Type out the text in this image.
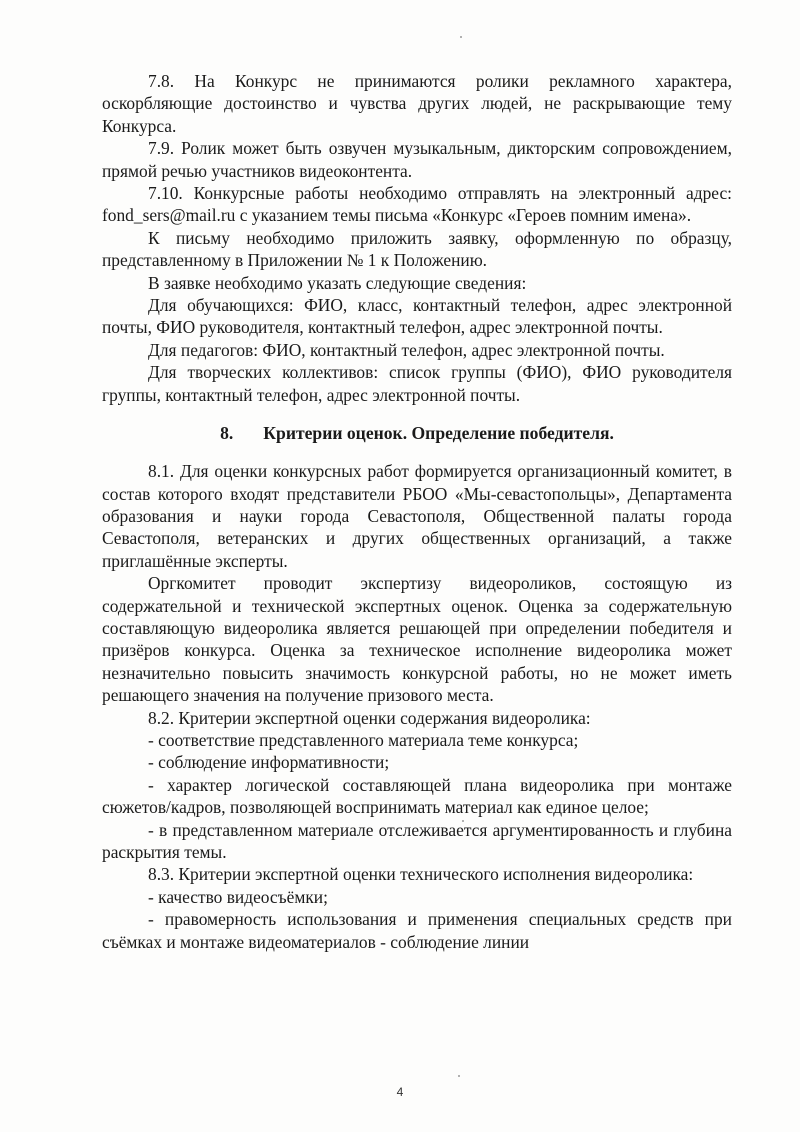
7.8. На Конкурс не принимаются ролики рекламного характера, оскорбляющие достоинство и чувства других людей, не раскрывающие тему Конкурса.

7.9. Ролик может быть озвучен музыкальным, дикторским сопровождением, прямой речью участников видеоконтента.

7.10. Конкурсные работы необходимо отправлять на электронный адрес: fond_sers@mail.ru с указанием темы письма «Конкурс «Героев помним имена».

К письму необходимо приложить заявку, оформленную по образцу, представленному в Приложении № 1 к Положению.

В заявке необходимо указать следующие сведения:

Для обучающихся: ФИО, класс, контактный телефон, адрес электронной почты, ФИО руководителя, контактный телефон, адрес электронной почты.

Для педагогов: ФИО, контактный телефон, адрес электронной почты.

Для творческих коллективов: список группы (ФИО), ФИО руководителя группы, контактный телефон, адрес электронной почты.

8. Критерии оценок. Определение победителя.

8.1. Для оценки конкурсных работ формируется организационный комитет, в состав которого входят представители РБОО «Мы-севастопольцы», Департамента образования и науки города Севастополя, Общественной палаты города Севастополя, ветеранских и других общественных организаций, а также приглашённые эксперты.

Оргкомитет проводит экспертизу видеороликов, состоящую из содержательной и технической экспертных оценок. Оценка за содержательную составляющую видеоролика является решающей при определении победителя и призёров конкурса. Оценка за техническое исполнение видеоролика может незначительно повысить значимость конкурсной работы, но не может иметь решающего значения на получение призового места.

8.2. Критерии экспертной оценки содержания видеоролика:

- соответствие представленного материала теме конкурса;

- соблюдение информативности;

- характер логической составляющей плана видеоролика при монтаже сюжетов/кадров, позволяющей воспринимать материал как единое целое;

- в представленном материале отслеживается аргументированность и глубина раскрытия темы.

8.3. Критерии экспертной оценки технического исполнения видеоролика:

- качество видеосъёмки;

- правомерность использования и применения специальных средств при съёмках и монтаже видеоматериалов - соблюдение линии

4
